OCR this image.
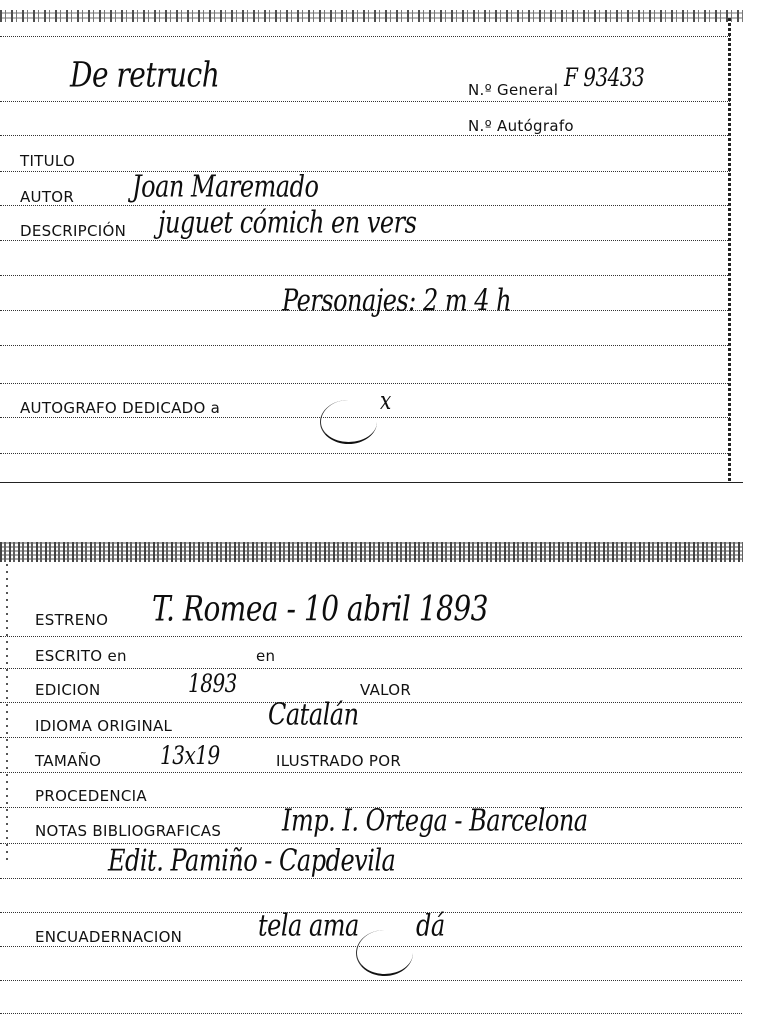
De retruch	N.º General F 93433
N.º Autógrafo
TITULO
AUTOR Joan Maremado
DESCRIPCIÓN juguet cómich en vers
Personajes: 2 m 4 h
AUTOGRAFO DEDICADO a	x
ESTRENO T. Romea - 10 abril 1893
ESCRITO en	en
EDICION	1893	VALOR
IDIOMA ORIGINAL	Catalán
TAMAÑO	13x19	ILUSTRADO POR
PROCEDENCIA
NOTAS BIBLIOGRAFICAS	Imp. I. Ortega - Barcelona
Edit. Pamiño - Capdevila
ENCUADERNACION	tela ama dá
